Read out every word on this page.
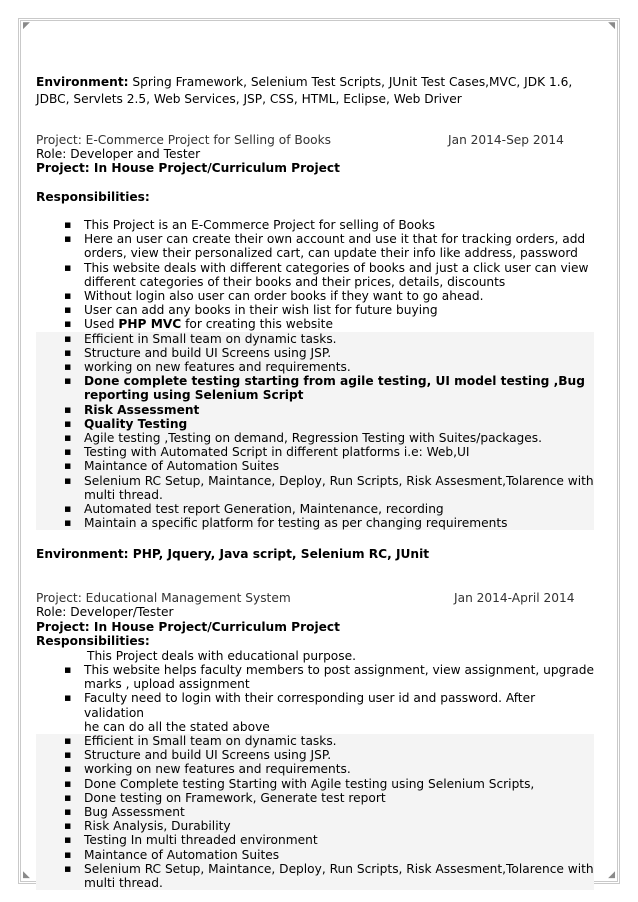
◤	◥
◣	◢
Environment: Spring Framework, Selenium Test Scripts, JUnit Test Cases,MVC, JDK 1.6,
JDBC, Servlets 2.5, Web Services, JSP, CSS, HTML, Eclipse, Web Driver
Project: E-Commerce Project for Selling of Books	Jan 2014-Sep 2014
Role: Developer and Tester
Project: In House Project/Curriculum Project
Responsibilities:
▪ This Project is an E-Commerce Project for selling of Books
▪ Here an user can create their own account and use it that for tracking orders, add
orders, view their personalized cart, can update their info like address, password
▪ This website deals with different categories of books and just a click user can view
different categories of their books and their prices, details, discounts
▪ Without login also user can order books if they want to go ahead.
▪ User can add any books in their wish list for future buying
▪ Used PHP MVC for creating this website
▪ Efficient in Small team on dynamic tasks.
▪ Structure and build UI Screens using JSP.
▪ working on new features and requirements.
▪ Done complete testing starting from agile testing, UI model testing ,Bug
reporting using Selenium Script
▪ Risk Assessment
▪ Quality Testing
▪ Agile testing ,Testing on demand, Regression Testing with Suites/packages.
▪ Testing with Automated Script in different platforms i.e: Web,UI
▪ Maintance of Automation Suites
▪ Selenium RC Setup, Maintance, Deploy, Run Scripts, Risk Assesment,Tolarence with
multi thread.
▪ Automated test report Generation, Maintenance, recording
▪ Maintain a specific platform for testing as per changing requirements
Environment: PHP, Jquery, Java script, Selenium RC, JUnit
Project: Educational Management System	Jan 2014-April 2014
Role: Developer/Tester
Project: In House Project/Curriculum Project
Responsibilities:
This Project deals with educational purpose.
▪ This website helps faculty members to post assignment, view assignment, upgrade
marks , upload assignment
▪ Faculty need to login with their corresponding user id and password. After validation
he can do all the stated above
▪ Efficient in Small team on dynamic tasks.
▪ Structure and build UI Screens using JSP.
▪ working on new features and requirements.
▪ Done Complete testing Starting with Agile testing using Selenium Scripts,
▪ Done testing on Framework, Generate test report
▪ Bug Assessment
▪ Risk Analysis, Durability
▪ Testing In multi threaded environment
▪ Maintance of Automation Suites
▪ Selenium RC Setup, Maintance, Deploy, Run Scripts, Risk Assesment,Tolarence with
multi thread.
